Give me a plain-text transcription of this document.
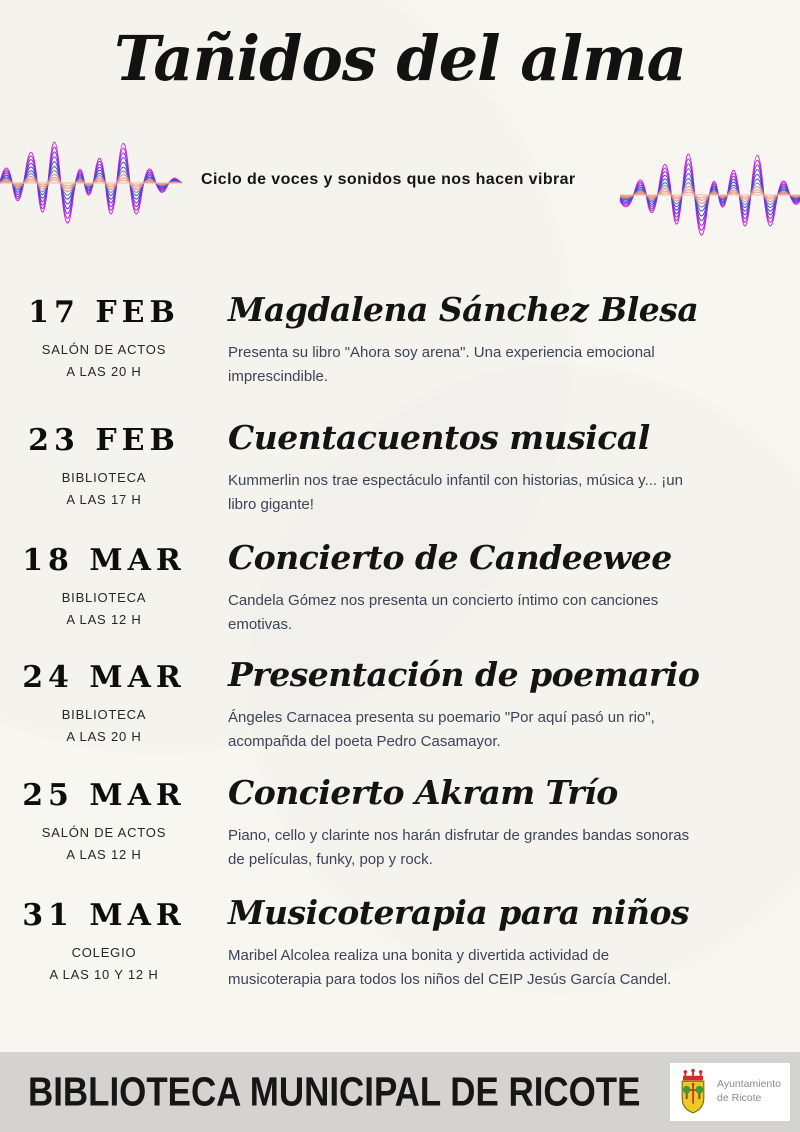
Tañidos del alma

Ciclo de voces y sonidos que nos hacen vibrar

17 FEB
SALÓN DE ACTOS
A LAS 20 H
Magdalena Sánchez Blesa

Presenta su libro "Ahora soy arena". Una experiencia emocional imprescindible.

23 FEB
BIBLIOTECA
A LAS 17 H
Cuentacuentos musical

Kummerlin nos trae espectáculo infantil con historias, música y... ¡un libro gigante!

18 MAR
BIBLIOTECA
A LAS 12 H
Concierto de Candeewee

Candela Gómez nos presenta un concierto íntimo con canciones emotivas.

24 MAR
BIBLIOTECA
A LAS 20 H
Presentación de poemario

Ángeles Carnacea presenta su poemario "Por aquí pasó un rio", acompañda del poeta Pedro Casamayor.

25 MAR
SALÓN DE ACTOS
A LAS 12 H
Concierto Akram Trío

Piano, cello y clarinte nos harán disfrutar de grandes bandas sonoras de películas, funky, pop y rock.

31 MAR
COLEGIO
A LAS 10 Y 12 H
Musicoterapia para niños

Maribel Alcolea realiza una bonita y divertida actividad de musicoterapia para todos los niños del CEIP Jesús García Candel.

BIBLIOTECA MUNICIPAL DE RICOTE	Ayuntamiento
de Ricote
